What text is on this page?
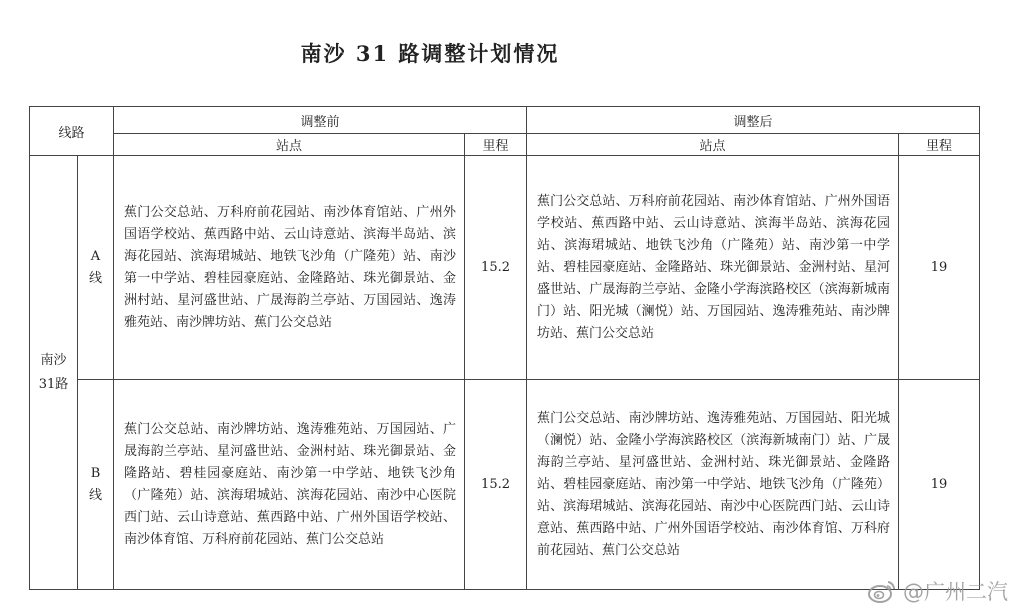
南沙 31 路调整计划情况
线路		调整前		调整后	
		站点	里程	站点	里程
南沙31路	A线	蕉门公交总站、万科府前花园站、南沙体育馆站、广州外国语学校站、蕉西路中站、云山诗意站、滨海半岛站、滨海花园站、滨海珺城站、地铁飞沙角（广隆苑）站、南沙第一中学站、碧桂园豪庭站、金隆路站、珠光御景站、金洲村站、星河盛世站、广晟海韵兰亭站、万国园站、逸涛雅苑站、南沙牌坊站、蕉门公交总站	15.2	蕉门公交总站、万科府前花园站、南沙体育馆站、广州外国语学校站、蕉西路中站、云山诗意站、滨海半岛站、滨海花园站、滨海珺城站、地铁飞沙角（广隆苑）站、南沙第一中学站、碧桂园豪庭站、金隆路站、珠光御景站、金洲村站、星河盛世站、广晟海韵兰亭站、金隆小学海滨路校区（滨海新城南门）站、阳光城（澜悦）站、万国园站、逸涛雅苑站、南沙牌坊站、蕉门公交总站	19
	B线	蕉门公交总站、南沙牌坊站、逸涛雅苑站、万国园站、广晟海韵兰亭站、星河盛世站、金洲村站、珠光御景站、金隆路站、碧桂园豪庭站、南沙第一中学站、地铁飞沙角（广隆苑）站、滨海珺城站、滨海花园站、南沙中心医院西门站、云山诗意站、蕉西路中站、广州外国语学校站、南沙体育馆、万科府前花园站、蕉门公交总站	15.2	蕉门公交总站、南沙牌坊站、逸涛雅苑站、万国园站、阳光城（澜悦）站、金隆小学海滨路校区（滨海新城南门）站、广晟海韵兰亭站、星河盛世站、金洲村站、珠光御景站、金隆路站、碧桂园豪庭站、南沙第一中学站、地铁飞沙角（广隆苑）站、滨海珺城站、滨海花园站、南沙中心医院西门站、云山诗意站、蕉西路中站、广州外国语学校站、南沙体育馆、万科府前花园站、蕉门公交总站	19
@广州二汽
